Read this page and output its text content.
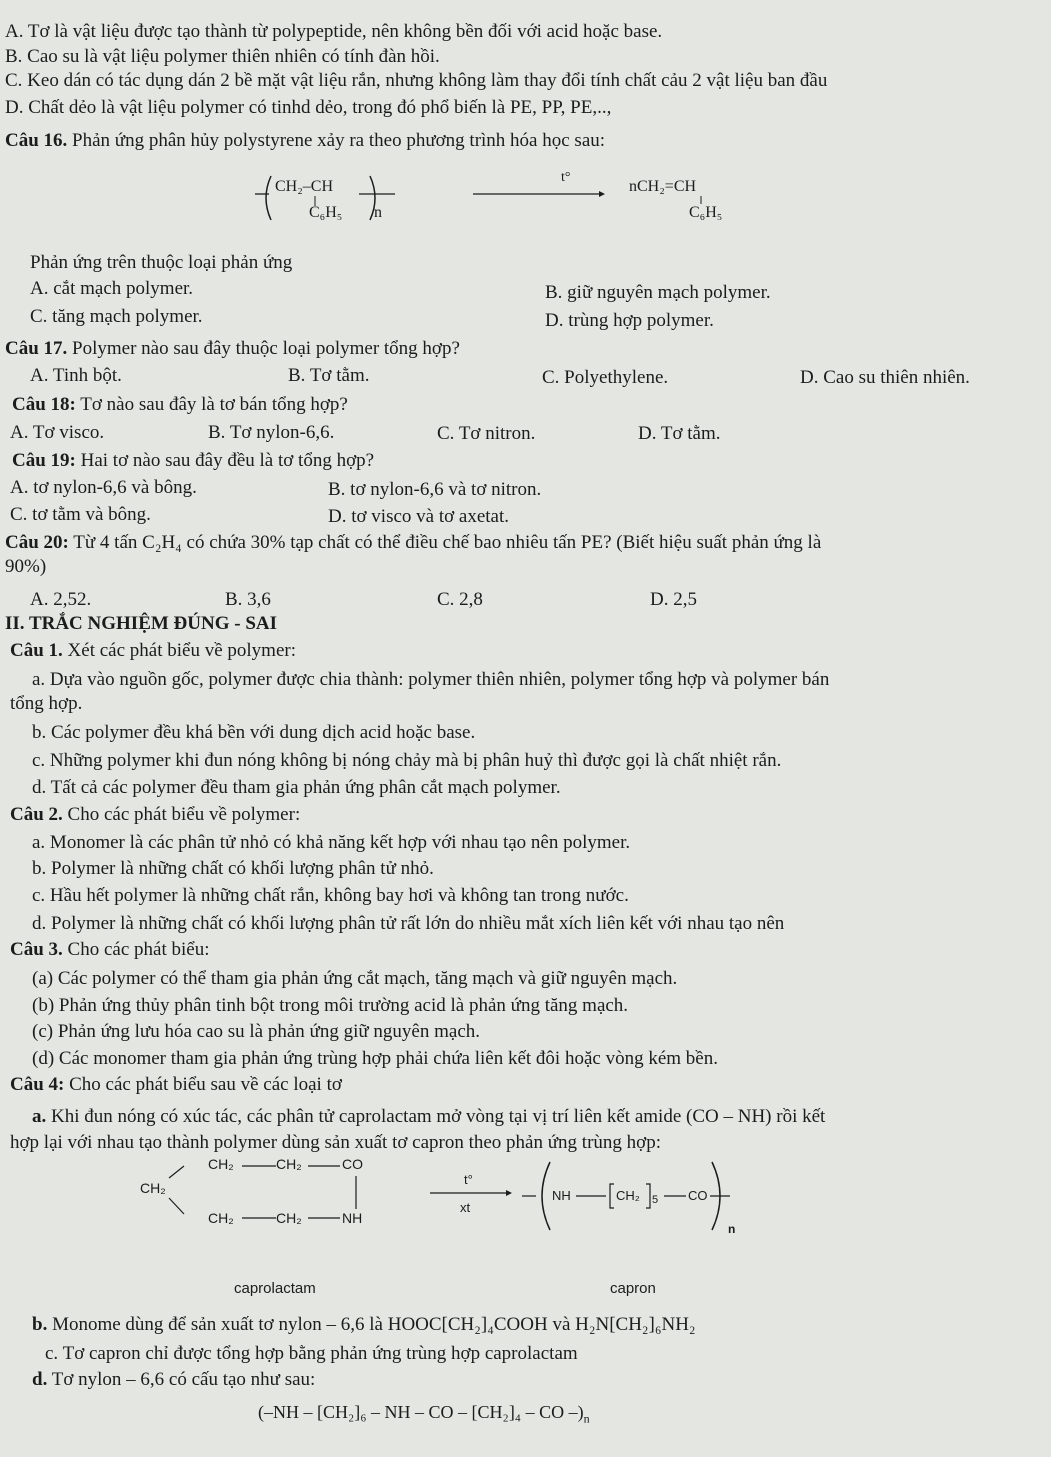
A. Tơ là vật liệu được tạo thành từ polypeptide, nên không bền đối với acid hoặc base.
B. Cao su là vật liệu polymer thiên nhiên có tính đàn hồi.
C. Keo dán có tác dụng dán 2 bề mặt vật liệu rắn, nhưng không làm thay đổi tính chất cảu 2 vật liệu ban đầu
D. Chất dẻo là vật liệu polymer có tinhd dẻo, trong đó phổ biến là PE, PP, PE,..,
Câu 16. Phản ứng phân hủy polystyrene xảy ra theo phương trình hóa học sau:
CH₂–CH
C₆H₅ n
t°
nCH₂=CH
C₆H₅
Phản ứng trên thuộc loại phản ứng
A. cắt mạch polymer.	B. giữ nguyên mạch polymer.
C. tăng mạch polymer.	D. trùng hợp polymer.
Câu 17. Polymer nào sau đây thuộc loại polymer tổng hợp?
A. Tinh bột.	B. Tơ tằm.	C. Polyethylene.	D. Cao su thiên nhiên.
Câu 18: Tơ nào sau đây là tơ bán tổng hợp?
A. Tơ visco.	B. Tơ nylon-6,6.	C. Tơ nitron.	D. Tơ tằm.
Câu 19: Hai tơ nào sau đây đều là tơ tổng hợp?
A. tơ nylon-6,6 và bông.	B. tơ nylon-6,6 và tơ nitron.
C. tơ tằm và bông.	D. tơ visco và tơ axetat.
Câu 20: Từ 4 tấn C₂H₄ có chứa 30% tạp chất có thể điều chế bao nhiêu tấn PE? (Biết hiệu suất phản ứng là
90%)
A. 2,52.	B. 3,6	C. 2,8	D. 2,5
II. TRẮC NGHIỆM ĐÚNG - SAI
Câu 1. Xét các phát biểu về polymer:
a. Dựa vào nguồn gốc, polymer được chia thành: polymer thiên nhiên, polymer tổng hợp và polymer bán
tổng hợp.
b. Các polymer đều khá bền với dung dịch acid hoặc base.
c. Những polymer khi đun nóng không bị nóng chảy mà bị phân huỷ thì được gọi là chất nhiệt rắn.
d. Tất cả các polymer đều tham gia phản ứng phân cắt mạch polymer.
Câu 2. Cho các phát biểu về polymer:
a. Monomer là các phân tử nhỏ có khả năng kết hợp với nhau tạo nên polymer.
b. Polymer là những chất có khối lượng phân tử nhỏ.
c. Hầu hết polymer là những chất rắn, không bay hơi và không tan trong nước.
d. Polymer là những chất có khối lượng phân tử rất lớn do nhiều mắt xích liên kết với nhau tạo nên
Câu 3. Cho các phát biểu:
(a) Các polymer có thể tham gia phản ứng cắt mạch, tăng mạch và giữ nguyên mạch.
(b) Phản ứng thủy phân tinh bột trong môi trường acid là phản ứng tăng mạch.
(c) Phản ứng lưu hóa cao su là phản ứng giữ nguyên mạch.
(d) Các monomer tham gia phản ứng trùng hợp phải chứa liên kết đôi hoặc vòng kém bền.
Câu 4: Cho các phát biểu sau về các loại tơ
a. Khi đun nóng có xúc tác, các phân tử caprolactam mở vòng tại vị trí liên kết amide (CO – NH) rồi kết
hợp lại với nhau tạo thành polymer dùng sản xuất tơ capron theo phản ứng trùng hợp:
CH₂
CH₂	CH₂	CO
CH₂	CH₂	NH
t°
xt
NH	CH₂ 5 CO
n
caprolactam	capron
b. Monome dùng để sản xuất tơ nylon – 6,6 là HOOC[CH₂]₄COOH và H₂N[CH₂]₆NH₂
c. Tơ capron chỉ được tổng hợp bằng phản ứng trùng hợp caprolactam
d. Tơ nylon – 6,6 có cấu tạo như sau:
(–NH – [CH₂]₆ – NH – CO – [CH₂]₄ – CO $-)_n$
